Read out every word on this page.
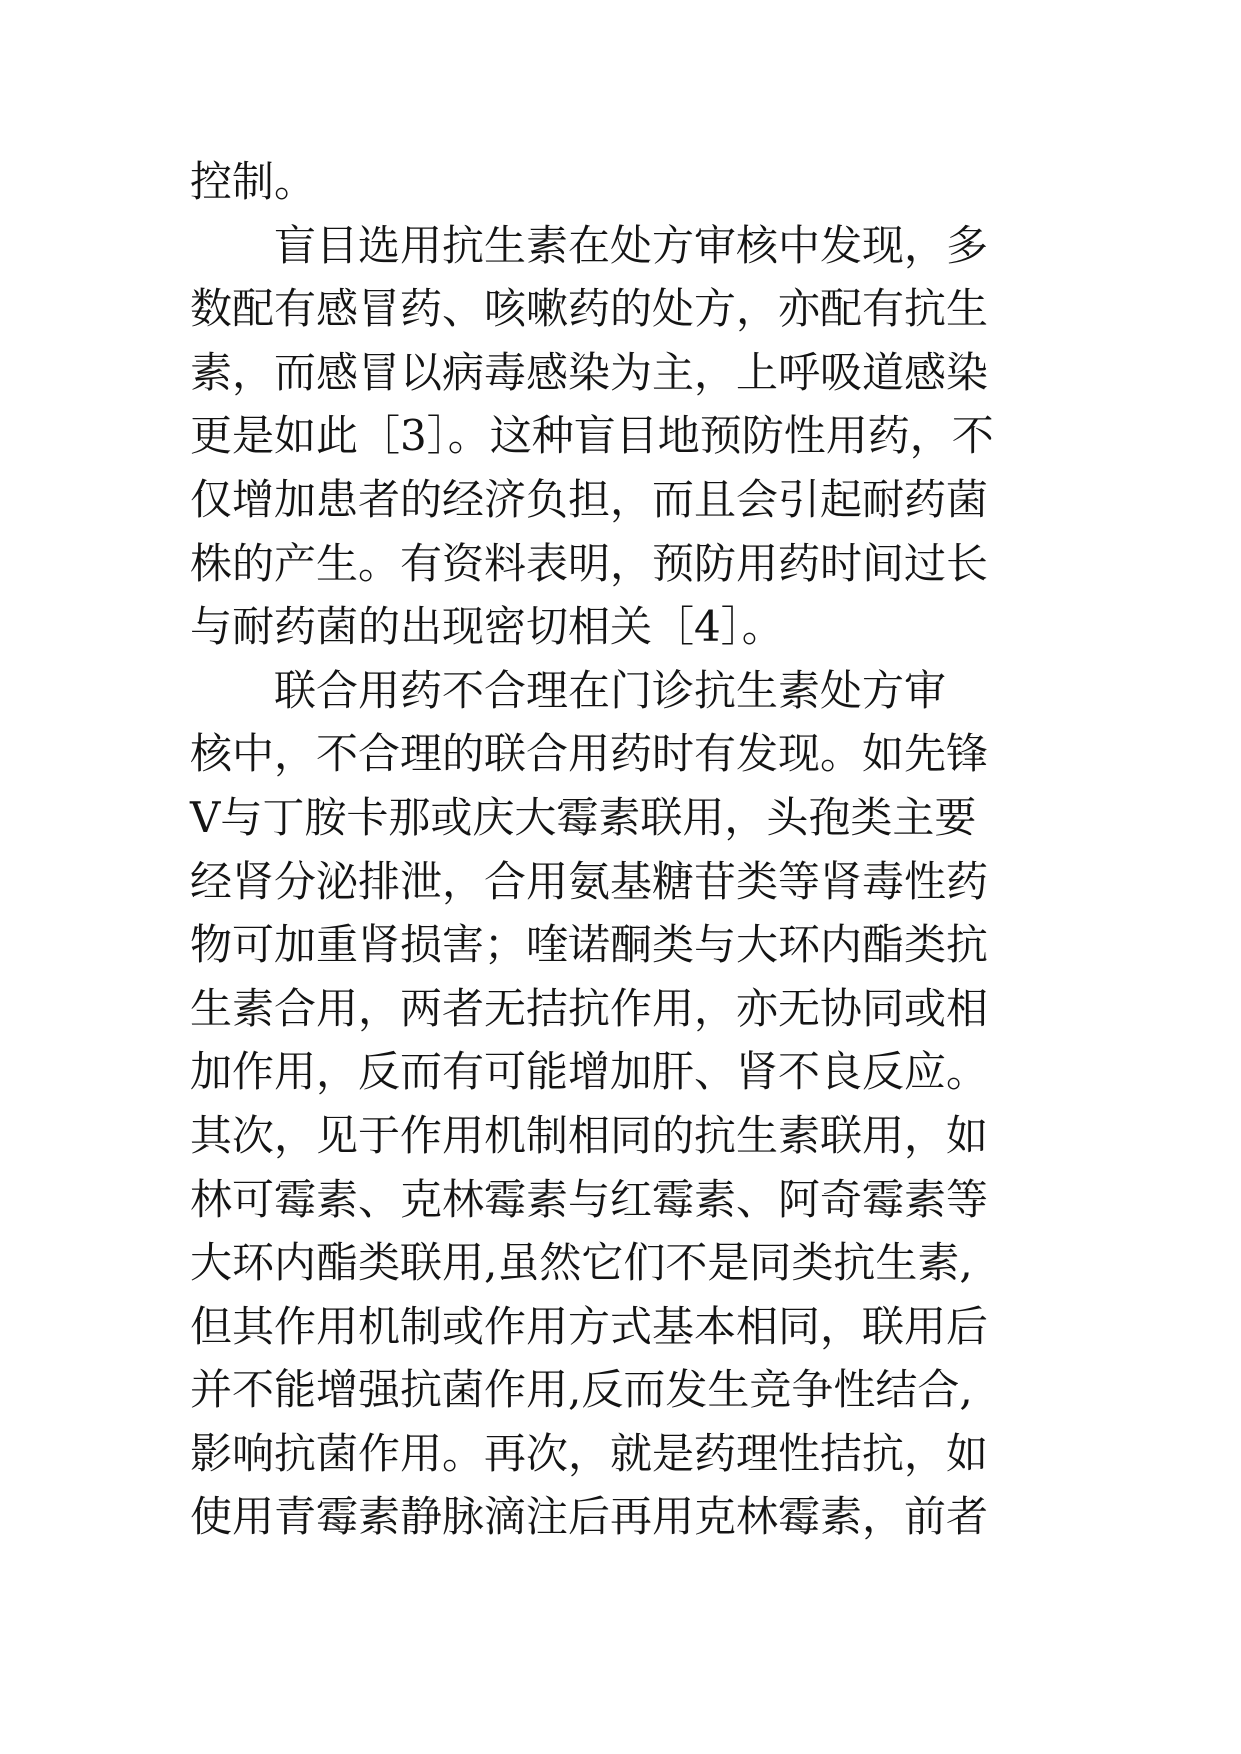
控制。
　　盲目选用抗生素在处方审核中发现，多
数配有感冒药、咳嗽药的处方，亦配有抗生
素，而感冒以病毒感染为主，上呼吸道感染
更是如此［3］。这种盲目地预防性用药，不
仅增加患者的经济负担，而且会引起耐药菌
株的产生。有资料表明，预防用药时间过长
与耐药菌的出现密切相关［4］。
　　联合用药不合理在门诊抗生素处方审
核中，不合理的联合用药时有发现。如先锋
Ⅴ与丁胺卡那或庆大霉素联用，头孢类主要
经肾分泌排泄，合用氨基糖苷类等肾毒性药
物可加重肾损害；喹诺酮类与大环内酯类抗
生素合用，两者无拮抗作用，亦无协同或相
加作用，反而有可能增加肝、肾不良反应。
其次，见于作用机制相同的抗生素联用，如
林可霉素、克林霉素与红霉素、阿奇霉素等
大环内酯类联用,虽然它们不是同类抗生素,
但其作用机制或作用方式基本相同，联用后
并不能增强抗菌作用,反而发生竞争性结合,
影响抗菌作用。再次，就是药理性拮抗，如
使用青霉素静脉滴注后再用克林霉素，前者
